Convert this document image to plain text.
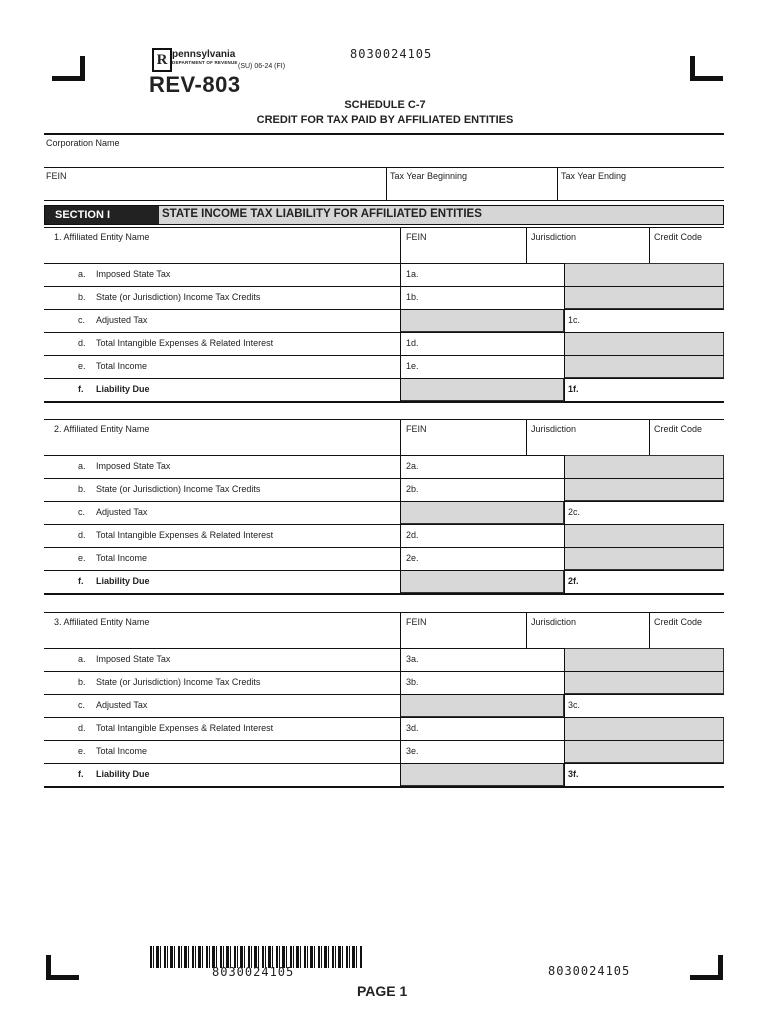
8030024105
R pennsylvania
DEPARTMENT OF REVENUE
(SU) 06-24 (FI)
REV-803
SCHEDULE C-7
CREDIT FOR TAX PAID BY AFFILIATED ENTITIES
Corporation Name
FEIN	Tax Year Beginning	Tax Year Ending
SECTION I	STATE INCOME TAX LIABILITY FOR AFFILIATED ENTITIES
1. Affiliated Entity Name	FEIN	Jurisdiction	Credit Code
a. Imposed State Tax	1a.
b. State (or Jurisdiction) Income Tax Credits	1b.
c. Adjusted Tax	1c.
d. Total Intangible Expenses & Related Interest	1d.
e. Total Income	1e.
f. Liability Due	1f.
2. Affiliated Entity Name	FEIN	Jurisdiction	Credit Code
a. Imposed State Tax	2a.
b. State (or Jurisdiction) Income Tax Credits	2b.
c. Adjusted Tax	2c.
d. Total Intangible Expenses & Related Interest	2d.
e. Total Income	2e.
f. Liability Due	2f.
3. Affiliated Entity Name	FEIN	Jurisdiction	Credit Code
a. Imposed State Tax	3a.
b. State (or Jurisdiction) Income Tax Credits	3b.
c. Adjusted Tax	3c.
d. Total Intangible Expenses & Related Interest	3d.
e. Total Income	3e.
f. Liability Due	3f.
8030024105	8030024105
PAGE 1
